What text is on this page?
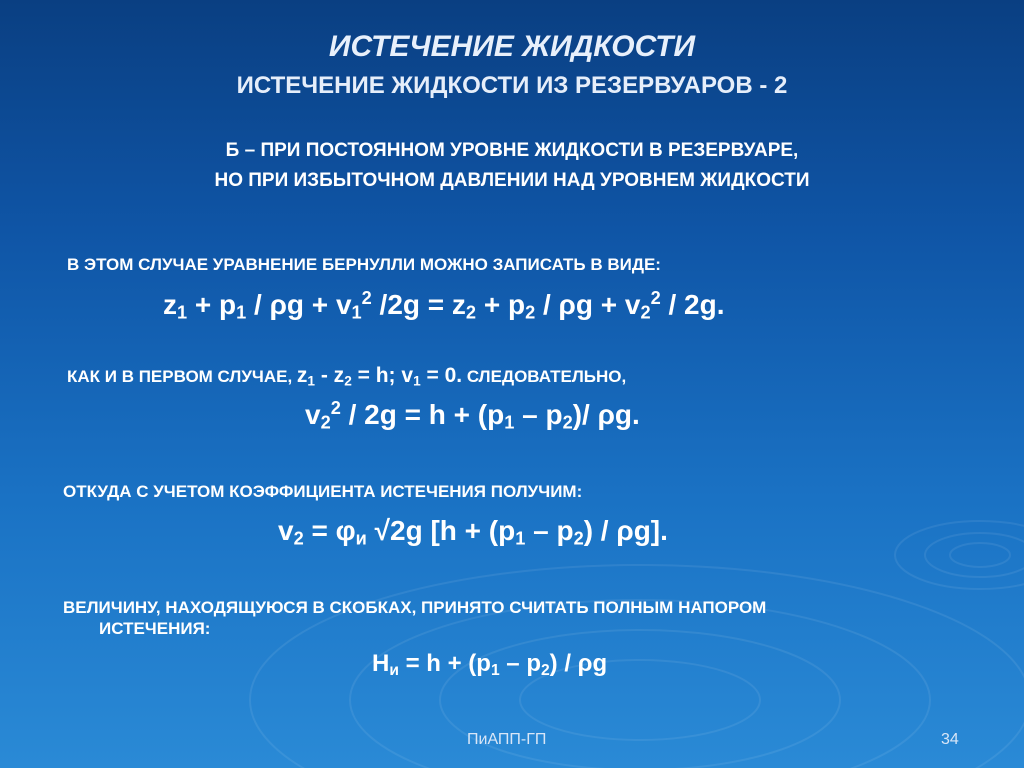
ИСТЕЧЕНИЕ ЖИДКОСТИ
ИСТЕЧЕНИЕ ЖИДКОСТИ ИЗ РЕЗЕРВУАРОВ - 2
Б – ПРИ ПОСТОЯННОМ УРОВНЕ ЖИДКОСТИ В РЕЗЕРВУАРЕ,
НО ПРИ ИЗБЫТОЧНОМ ДАВЛЕНИИ НАД УРОВНЕМ ЖИДКОСТИ
В ЭТОМ СЛУЧАЕ УРАВНЕНИЕ БЕРНУЛЛИ МОЖНО ЗАПИСАТЬ В ВИДЕ:
$z_1 + p_1 / \rho g + v_1^2$ $/2g = z_2 + p_2 / \rho g + v_2^2 / 2g$.
КАК И В ПЕРВОМ СЛУЧАЕ, $z_1 - z_2 = h$; $v_1 = 0$. СЛЕДОВАТЕЛЬНО,
$v_2^2 / 2g = h + (p_1 - p_2)/$ ρg.
ОТКУДА С УЧЕТОМ КОЭФФИЦИЕНТА ИСТЕЧЕНИЯ ПОЛУЧИМ:
$v_2 = \varphi_и$ √2g $[h + (p_1 - p_2) / \rho g]$.
ВЕЛИЧИНУ, НАХОДЯЩУЮСЯ В СКОБКАХ, ПРИНЯТО СЧИТАТЬ ПОЛНЫМ НАПОРОМ
ИСТЕЧЕНИЯ:
$H_и = h + (p_1 - p_2) / \rho g$
ПиАПП-ГП	34
